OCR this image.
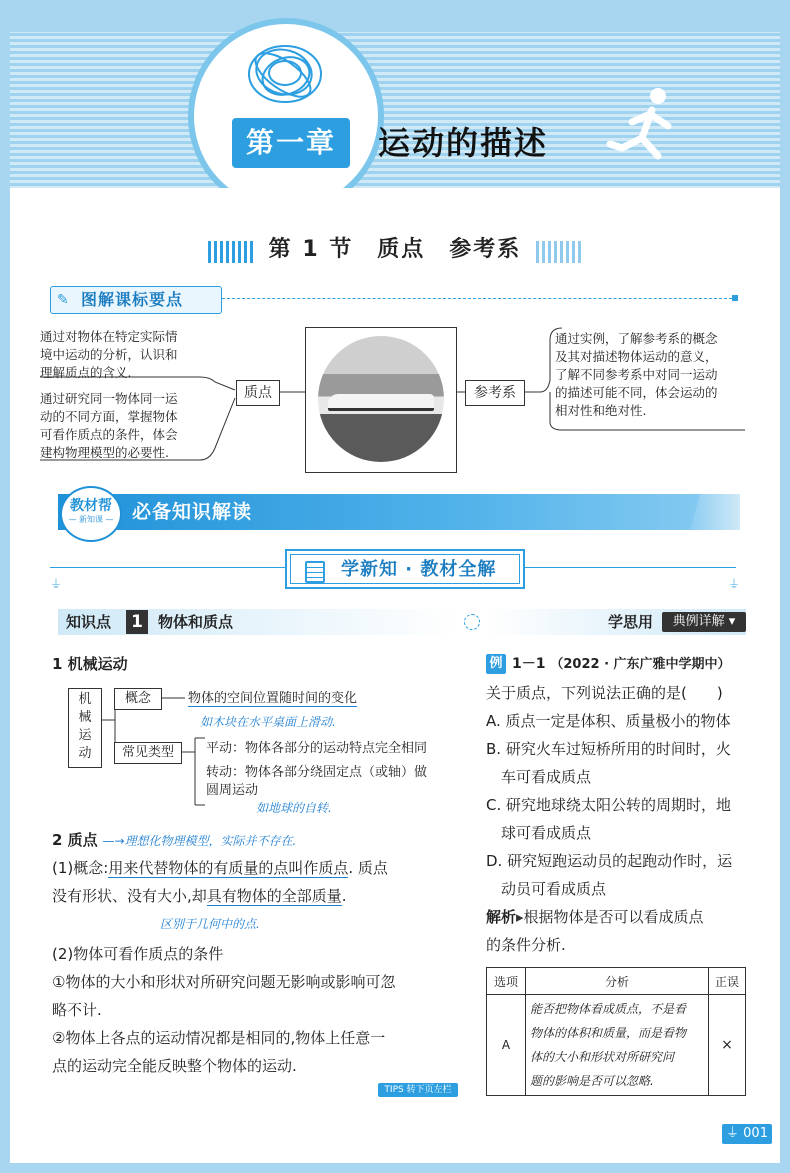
第一章	运动的描述
第 1 节　质点　参考系
✎ 图解课标要点
通过对物体在特定实际情
境中运动的分析，认识和
理解质点的含义.
通过研究同一物体同一运
动的不同方面，掌握物体
可看作质点的条件，体会
建构物理模型的必要性.
质点	参考系
通过实例，了解参考系的概念
及其对描述物体运动的意义，
了解不同参考系中对同一运动
的描述可能不同，体会运动的
相对性和绝对性.
教材帮
— 新知课 — 必备知识解读
⏚	⏚
学新知 · 教材全解
知识点 1	物体和质点	学思用	典例详解 ▾
1 机械运动
机
械
运
动
概念	物体的空间位置随时间的变化
如木块在水平桌面上滑动.
常见类型	平动：物体各部分的运动特点完全相同
转动：物体各部分绕固定点（或轴）做
圆周运动
如地球的自转.
2 质点 —→理想化物理模型，实际并不存在.
(1)概念:用来代替物体的有质量的点叫作质点. 质点
没有形状、没有大小,却具有物体的全部质量.
区别于几何中的点.
(2)物体可看作质点的条件
①物体的大小和形状对所研究问题无影响或影响可忽
略不计.
②物体上各点的运动情况都是相同的,物体上任意一
点的运动完全能反映整个物体的运动.
TIPS 转下页左栏
例 1－1 （2022 · 广东广雅中学期中）
关于质点，下列说法正确的是(　　)
A. 质点一定是体积、质量极小的物体
B. 研究火车过短桥所用的时间时，火
　车可看成质点
C. 研究地球绕太阳公转的周期时，地
　球可看成质点
D. 研究短跑运动员的起跑动作时，运
　动员可看成质点
解析▸根据物体是否可以看成质点
的条件分析.
选项	分析	正误
A	能否把物体看成质点，不是看
物体的体积和质量，而是看物
体的大小和形状对所研究问
题的影响是否可以忽略.	×
⏚ 001
